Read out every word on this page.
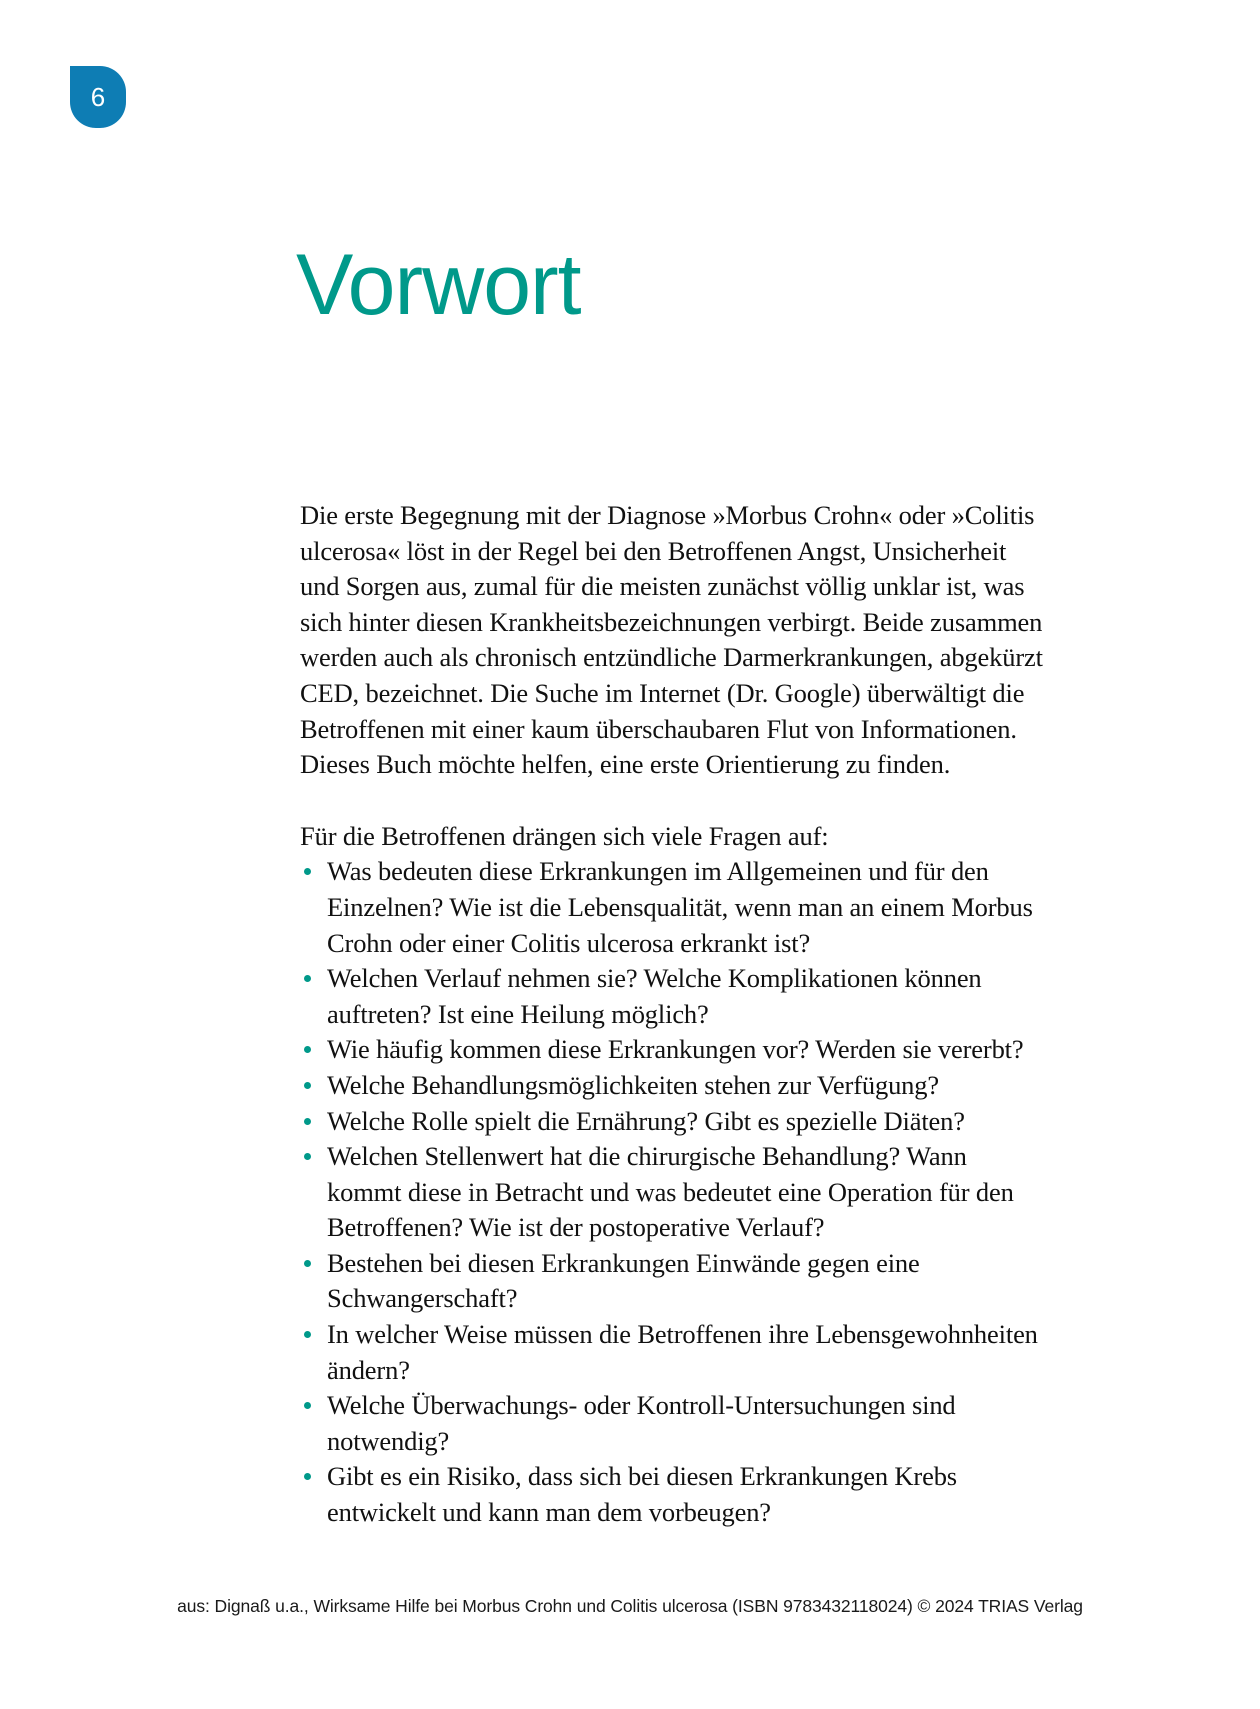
6
Vorwort

Die erste Begegnung mit der Diagnose »Morbus Crohn« oder »Colitis ulcerosa« löst in der Regel bei den Betroffenen Angst, Unsicherheit und Sorgen aus, zumal für die meisten zunächst völlig unklar ist, was sich hinter diesen Krankheitsbezeichnungen verbirgt. Beide zusammen werden auch als chronisch entzündliche Darmerkrankungen, abgekürzt CED, bezeichnet. Die Suche im Internet (Dr. Google) überwältigt die Betroffenen mit einer kaum überschaubaren Flut von Informationen. Dieses Buch möchte helfen, eine erste Orientierung zu finden.

Für die Betroffenen drängen sich viele Fragen auf:

Was bedeuten diese Erkrankungen im Allgemeinen und für den Einzelnen? Wie ist die Lebensqualität, wenn man an einem Morbus Crohn oder einer Colitis ulcerosa erkrankt ist?
Welchen Verlauf nehmen sie? Welche Komplikationen können auftreten? Ist eine Heilung möglich?
Wie häufig kommen diese Erkrankungen vor? Werden sie vererbt?
Welche Behandlungsmöglichkeiten stehen zur Verfügung?
Welche Rolle spielt die Ernährung? Gibt es spezielle Diäten?
Welchen Stellenwert hat die chirurgische Behandlung? Wann kommt diese in Betracht und was bedeutet eine Operation für den Betroffenen? Wie ist der postoperative Verlauf?
Bestehen bei diesen Erkrankungen Einwände gegen eine Schwangerschaft?
In welcher Weise müssen die Betroffenen ihre Lebensgewohnheiten ändern?
Welche Überwachungs- oder Kontroll-Untersuchungen sind notwendig?
Gibt es ein Risiko, dass sich bei diesen Erkrankungen Krebs entwickelt und kann man dem vorbeugen?
aus: Dignaß u.a., Wirksame Hilfe bei Morbus Crohn und Colitis ulcerosa (ISBN 9783432118024) © 2024 TRIAS Verlag
